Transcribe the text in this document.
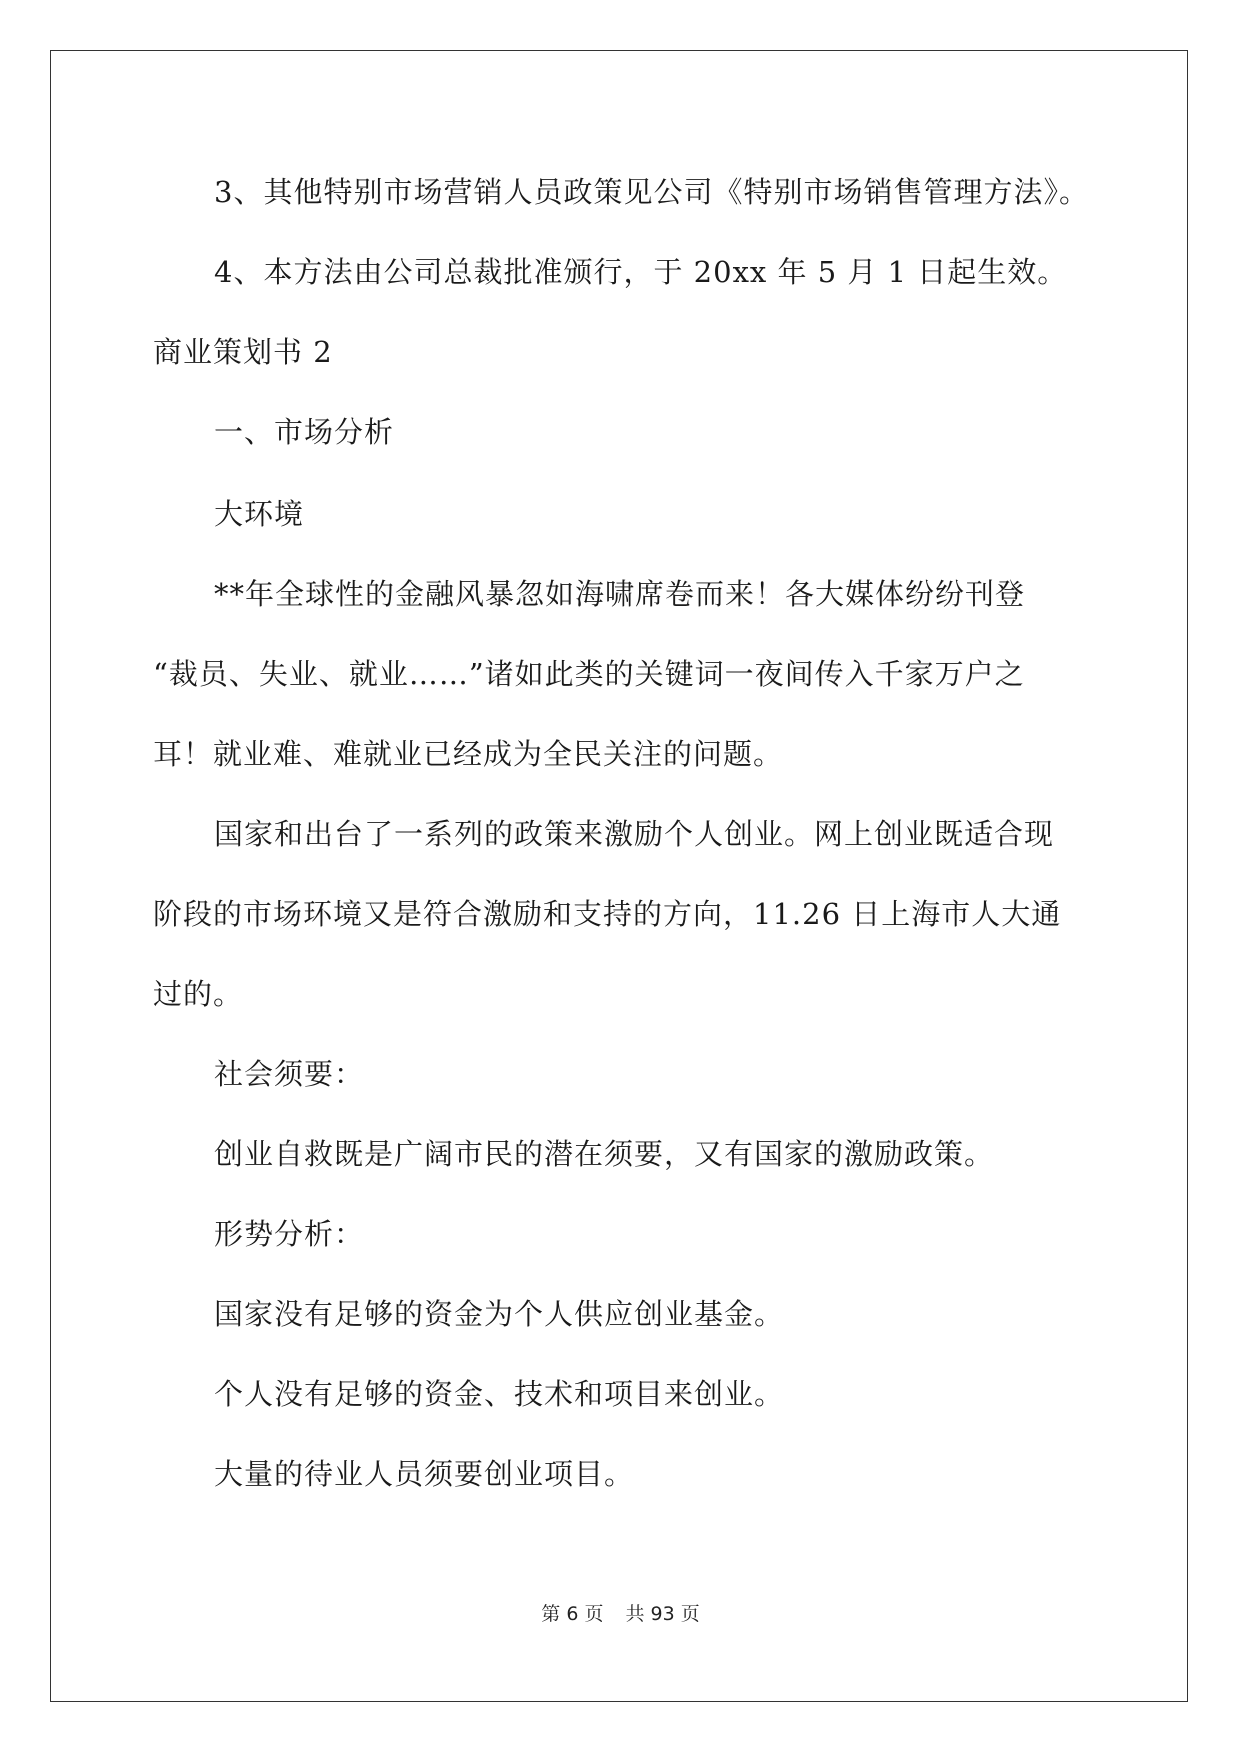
3、其他特别市场营销人员政策见公司《特别市场销售管理方法》。
4、本方法由公司总裁批准颁行，于 20xx 年 5 月 1 日起生效。
商业策划书 2
一、市场分析
大环境
**年全球性的金融风暴忽如海啸席卷而来！各大媒体纷纷刊登
“裁员、失业、就业……”诸如此类的关键词一夜间传入千家万户之
耳！就业难、难就业已经成为全民关注的问题。
国家和出台了一系列的政策来激励个人创业。网上创业既适合现
阶段的市场环境又是符合激励和支持的方向，11.26 日上海市人大通
过的。
社会须要：
创业自救既是广阔市民的潜在须要，又有国家的激励政策。
形势分析：
国家没有足够的资金为个人供应创业基金。
个人没有足够的资金、技术和项目来创业。
大量的待业人员须要创业项目。
第 6 页 共 93 页
